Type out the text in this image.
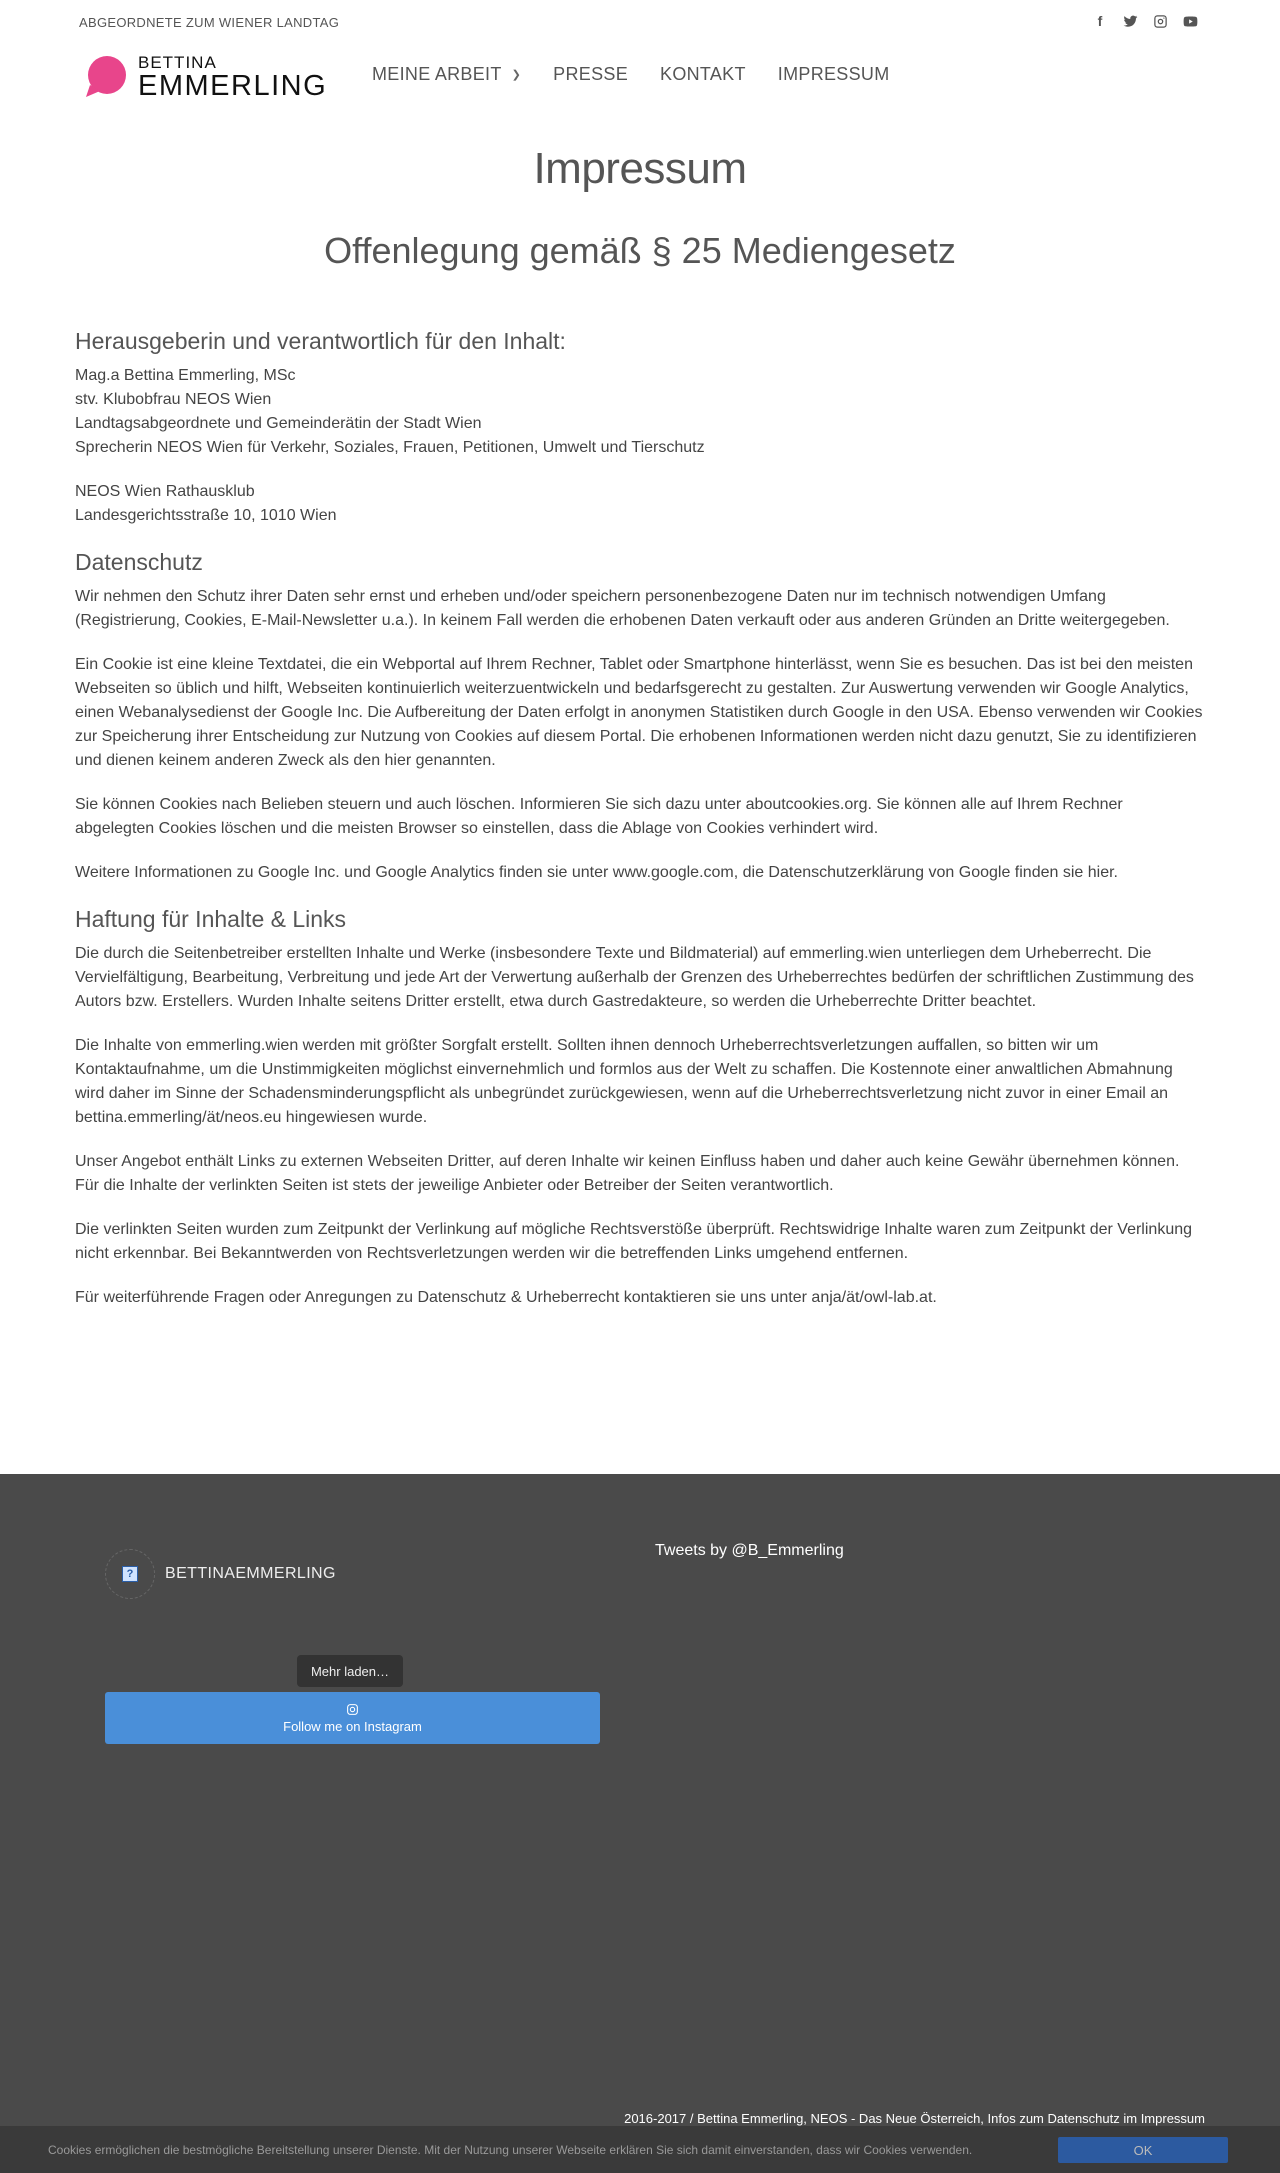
ABGEORDNETE ZUM WIENER LANDTAG	f
BETTINA
EMMERLING MEINE ARBEIT ❯ PRESSE KONTAKT IMPRESSUM
Impressum
Offenlegung gemäß § 25 Mediengesetz
Herausgeberin und verantwortlich für den Inhalt:

Mag.a Bettina Emmerling, MSc
stv. Klubobfrau NEOS Wien
Landtagsabgeordnete und Gemeinderätin der Stadt Wien
Sprecherin NEOS Wien für Verkehr, Soziales, Frauen, Petitionen, Umwelt und Tierschutz

NEOS Wien Rathausklub
Landesgerichtsstraße 10, 1010 Wien

Datenschutz

Wir nehmen den Schutz ihrer Daten sehr ernst und erheben und/oder speichern personenbezogene Daten nur im technisch notwendigen Umfang (Registrierung, Cookies, E-Mail-Newsletter u.a.). In keinem Fall werden die erhobenen Daten verkauft oder aus anderen Gründen an Dritte weitergegeben.

Ein Cookie ist eine kleine Textdatei, die ein Webportal auf Ihrem Rechner, Tablet oder Smartphone hinterlässt, wenn Sie es besuchen. Das ist bei den meisten Webseiten so üblich und hilft, Webseiten kontinuierlich weiterzuentwickeln und bedarfsgerecht zu gestalten. Zur Auswertung verwenden wir Google Analytics, einen Webanalysedienst der Google Inc. Die Aufbereitung der Daten erfolgt in anonymen Statistiken durch Google in den USA. Ebenso verwenden wir Cookies zur Speicherung ihrer Entscheidung zur Nutzung von Cookies auf diesem Portal. Die erhobenen Informationen werden nicht dazu genutzt, Sie zu identifizieren und dienen keinem anderen Zweck als den hier genannten.

Sie können Cookies nach Belieben steuern und auch löschen. Informieren Sie sich dazu unter aboutcookies.org. Sie können alle auf Ihrem Rechner abgelegten Cookies löschen und die meisten Browser so einstellen, dass die Ablage von Cookies verhindert wird.

Weitere Informationen zu Google Inc. und Google Analytics finden sie unter www.google.com, die Datenschutzerklärung von Google finden sie hier.

Haftung für Inhalte & Links

Die durch die Seitenbetreiber erstellten Inhalte und Werke (insbesondere Texte und Bildmaterial) auf emmerling.wien unterliegen dem Urheberrecht. Die Vervielfältigung, Bearbeitung, Verbreitung und jede Art der Verwertung außerhalb der Grenzen des Urheberrechtes bedürfen der schriftlichen Zustimmung des Autors bzw. Erstellers. Wurden Inhalte seitens Dritter erstellt, etwa durch Gastredakteure, so werden die Urheberrechte Dritter beachtet.

Die Inhalte von emmerling.wien werden mit größter Sorgfalt erstellt. Sollten ihnen dennoch Urheberrechtsverletzungen auffallen, so bitten wir um Kontaktaufnahme, um die Unstimmigkeiten möglichst einvernehmlich und formlos aus der Welt zu schaffen. Die Kostennote einer anwaltlichen Abmahnung wird daher im Sinne der Schadensminderungspflicht als unbegründet zurückgewiesen, wenn auf die Urheberrechtsverletzung nicht zuvor in einer Email an bettina.emmerling/ät/neos.eu hingewiesen wurde.

Unser Angebot enthält Links zu externen Webseiten Dritter, auf deren Inhalte wir keinen Einfluss haben und daher auch keine Gewähr übernehmen können. Für die Inhalte der verlinkten Seiten ist stets der jeweilige Anbieter oder Betreiber der Seiten verantwortlich.

Die verlinkten Seiten wurden zum Zeitpunkt der Verlinkung auf mögliche Rechtsverstöße überprüft. Rechtswidrige Inhalte waren zum Zeitpunkt der Verlinkung nicht erkennbar. Bei Bekanntwerden von Rechtsverletzungen werden wir die betreffenden Links umgehend entfernen.

Für weiterführende Fragen oder Anregungen zu Datenschutz & Urheberrecht kontaktieren sie uns unter anja/ät/owl-lab.at.

? BETTINAEMMERLING
Mehr laden…
Follow me on Instagram
Tweets by @B_Emmerling
2016-2017 / Bettina Emmerling, NEOS - Das Neue Österreich, Infos zum Datenschutz im Impressum
Cookies ermöglichen die bestmögliche Bereitstellung unserer Dienste. Mit der Nutzung unserer Webseite erklären Sie sich damit einverstanden, dass wir Cookies verwenden.	OK
